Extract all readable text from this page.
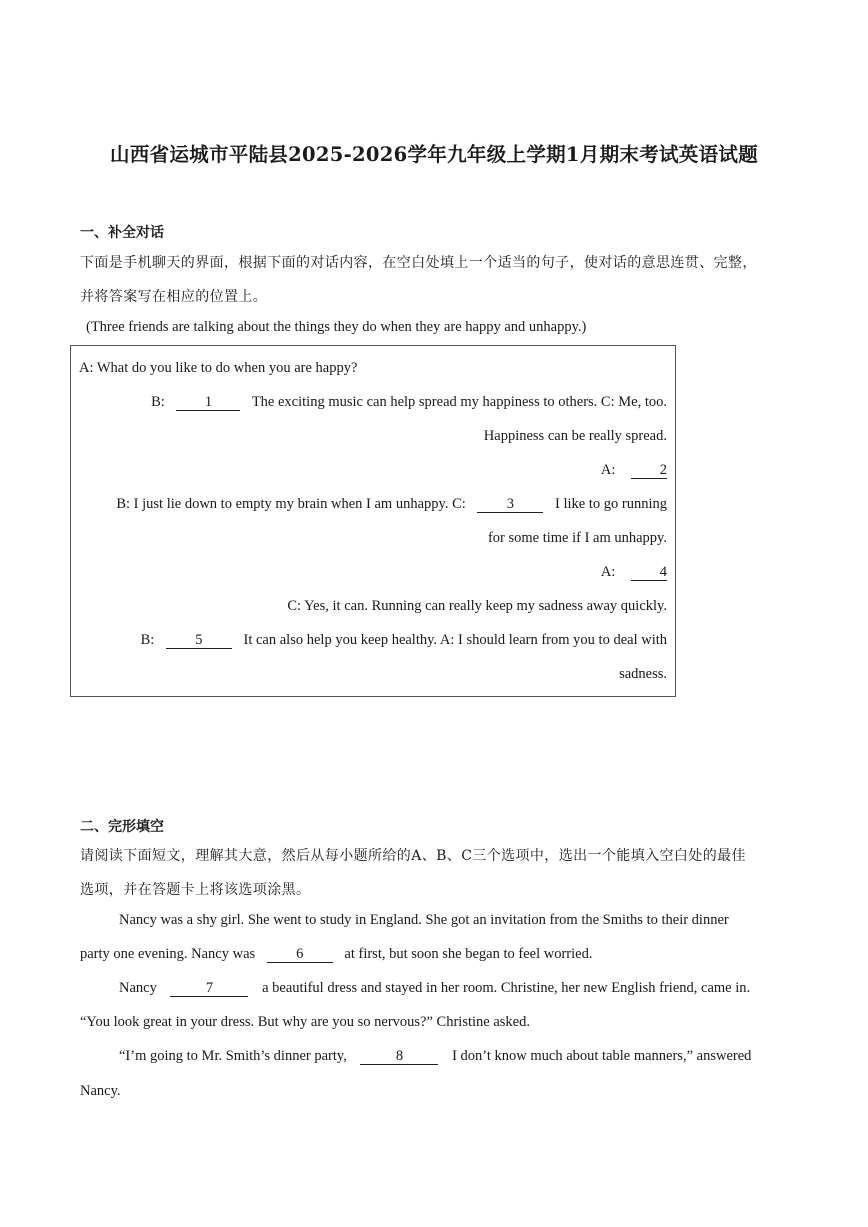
山西省运城市平陆县2025-2026学年九年级上学期1月期末考试英语试题
一、补全对话
下面是手机聊天的界面，根据下面的对话内容，在空白处填上一个适当的句子，使对话的意思连贯、完整，
并将答案写在相应的位置上。
(Three friends are talking about the things they do when they are happy and unhappy.)
A: What do you like to do when you are happy?
B:	1	The exciting music can help spread my happiness to others. C: Me, too.
Happiness can be really spread.
A:	2
B: I just lie down to empty my brain when I am unhappy. C:	3	I like to go running
for some time if I am unhappy.
A:	4
C: Yes, it can. Running can really keep my sadness away quickly.
B:	5	It can also help you keep healthy. A: I should learn from you to deal with
sadness.
二、完形填空
请阅读下面短文，理解其大意，然后从每小题所给的A、B、C三个选项中，选出一个能填入空白处的最佳
选项，并在答题卡上将该选项涂黑。
Nancy was a shy girl. She went to study in England. She got an invitation from the Smiths to their dinner
party one evening. Nancy was	6	at first, but soon she began to feel worried.
Nancy	7	a beautiful dress and stayed in her room. Christine, her new English friend, came in.
“You look great in your dress. But why are you so nervous?” Christine asked.
“I’m going to Mr. Smith’s dinner party,	8	I don’t know much about table manners,” answered
Nancy.
